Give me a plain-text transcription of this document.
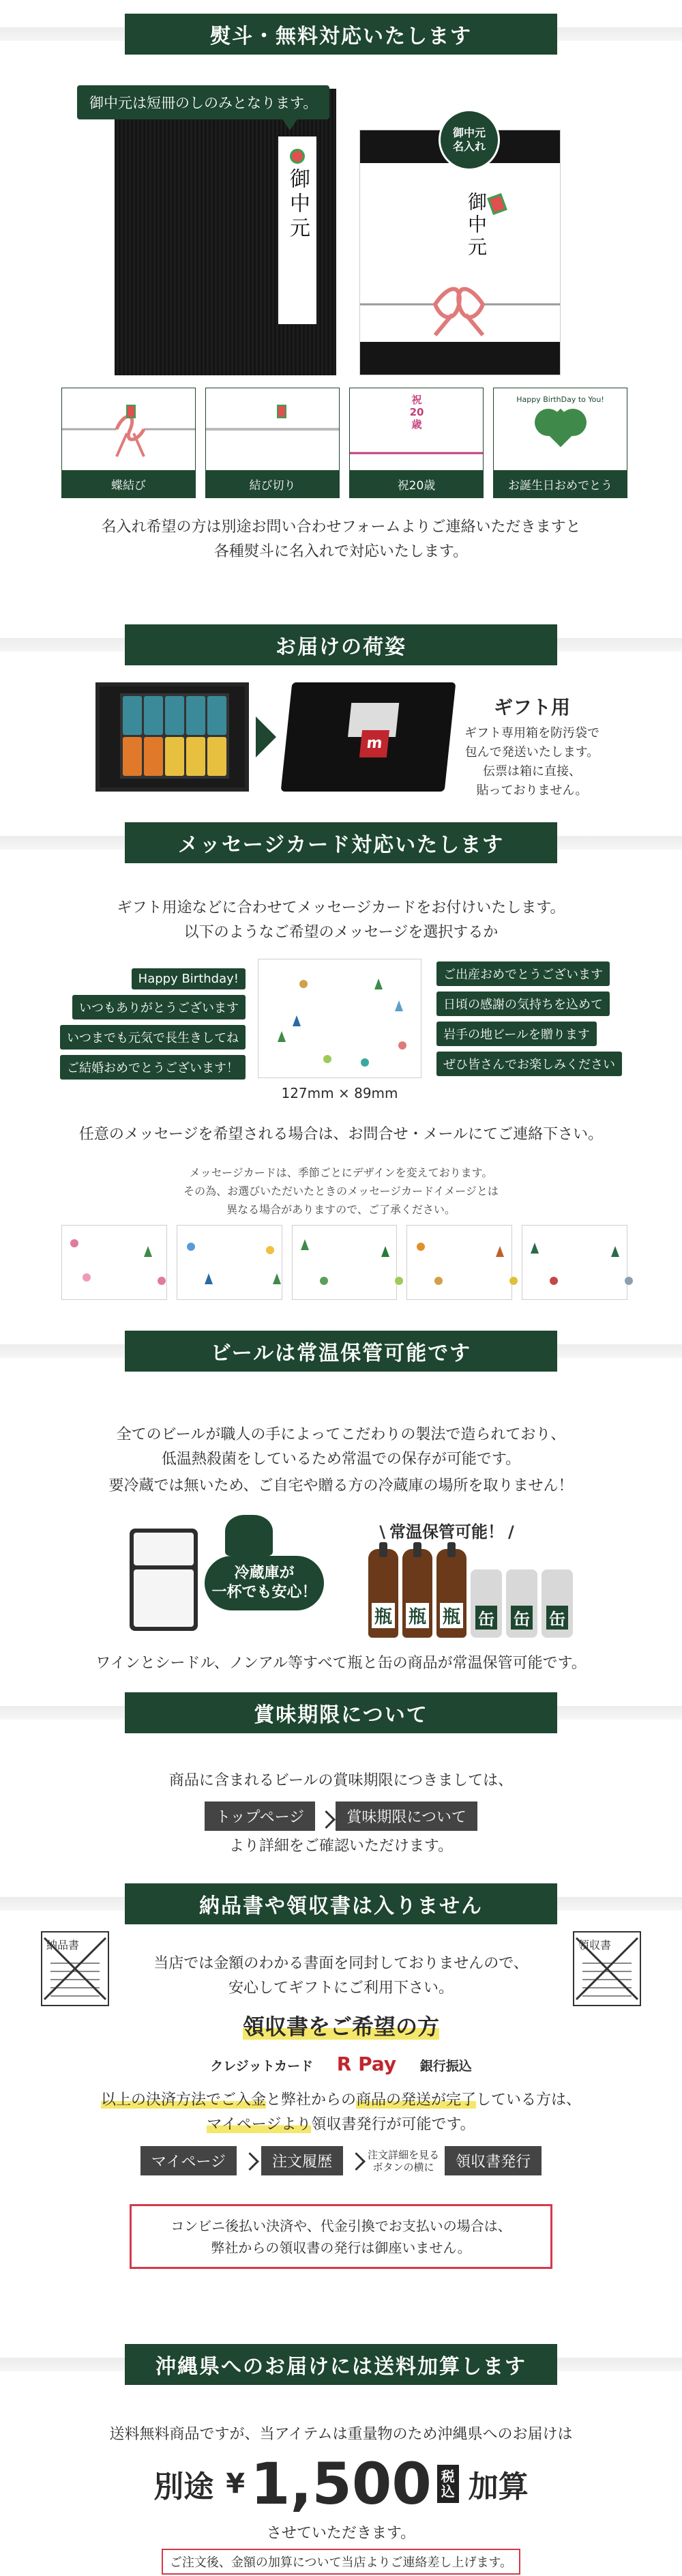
熨斗・無料対応いたします
御中元は短冊のしのみとなります。
御中元	御中元
御中元
名入れ
蝶結び	結び切り
祝
20
歳
祝20歳
Happy BirthDay to You!
お誕生日おめでとう
名入れ希望の方は別途お問い合わせフォームよりご連絡いただきますと
各種熨斗に名入れで対応いたします。
お届けの荷姿
m
ギフト用
ギフト専用箱を防汚袋で
包んで発送いたします。
伝票は箱に直接、
貼っておりません。
メッセージカード対応いたします
ギフト用途などに合わせてメッセージカードをお付けいたします。
以下のようなご希望のメッセージを選択するか
Happy Birthday!
いつもありがとうございます
いつまでも元気で長生きしてね
ご結婚おめでとうございます！
127mm × 89mm
ご出産おめでとうございます
日頃の感謝の気持ちを込めて
岩手の地ビールを贈ります
ぜひ皆さんでお楽しみください
任意のメッセージを希望される場合は、お問合せ・メールにてご連絡下さい。
メッセージカードは、季節ごとにデザインを変えております。
その為、お選びいただいたときのメッセージカードイメージとは
異なる場合がありますので、ご了承ください。
ビールは常温保管可能です
全てのビールが職人の手によってこだわりの製法で造られており、
低温熱殺菌をしているため常温での保存が可能です。
要冷蔵では無いため、ご自宅や贈る方の冷蔵庫の場所を取りません！
冷蔵庫が
一杯でも安心！
\ 常温保管可能！ /
瓶 瓶 瓶 缶 缶 缶
ワインとシードル、ノンアル等すべて瓶と缶の商品が常温保管可能です。
賞味期限について
商品に含まれるビールの賞味期限につきましては、
トップページ	賞味期限について
より詳細をご確認いただけます。
納品書や領収書は入りません
納品書	領収書
当店では金額のわかる書面を同封しておりませんので、
安心してギフトにご利用下さい。
領収書をご希望の方
クレジットカード R Pay 銀行振込
以上の決済方法でご入金と弊社からの商品の発送が完了している方は、
マイページより領収書発行が可能です。
マイページ	注文履歴	注文詳細を見る
ボタンの横に	領収書発行
コンビニ後払い決済や、代金引換でお支払いの場合は、
弊社からの領収書の発行は御座いません。
沖縄県へのお届けには送料加算します
送料無料商品ですが、当アイテムは重量物のため沖縄県へのお届けは
別途 ¥ 1,500 税
込 加算
させていただきます。
ご注文後、金額の加算について当店よりご連絡差し上げます。
